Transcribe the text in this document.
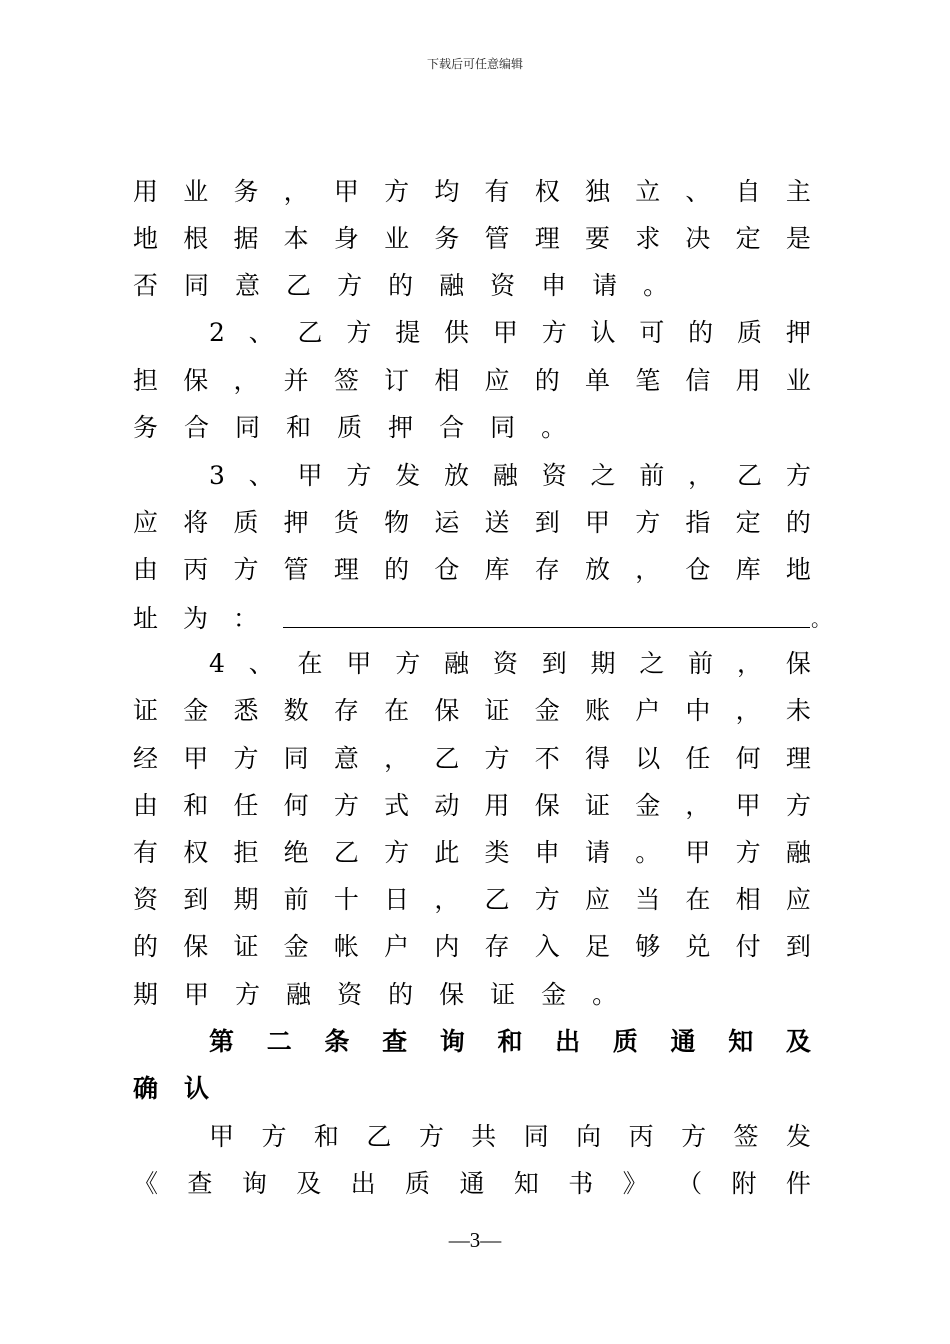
下载后可任意编辑
用 业 务 ， 甲 方 均 有 权 独 立 、 自 主
地 根 据 本 身 业 务 管 理 要 求 决 定 是
否 同 意 乙 方 的 融 资 申 请 。
2 、 乙 方 提 供 甲 方 认 可 的 质 押
担 保 ， 并 签 订 相 应 的 单 笔 信 用 业
务 合 同 和 质 押 合 同 。
3 、 甲 方 发 放 融 资 之 前 ， 乙 方
应 将 质 押 货 物 运 送 到 甲 方 指 定 的
由 丙 方 管 理 的 仓 库 存 放 ， 仓 库 地
4 、 在 甲 方 融 资 到 期 之 前 ， 保
证 金 悉 数 存 在 保 证 金 账 户 中 ， 未
经 甲 方 同 意 ， 乙 方 不 得 以 任 何 理
由 和 任 何 方 式 动 用 保 证 金 ， 甲 方
有 权 拒 绝 乙 方 此 类 申 请 。 甲 方 融
资 到 期 前 十 日 ， 乙 方 应 当 在 相 应
的 保 证 金 帐 户 内 存 入 足 够 兑 付 到
期 甲 方 融 资 的 保 证 金 。
第 二 条 查 询 和 出 质 通 知 及
确 认
甲 方 和 乙 方 共 同 向 丙 方 签 发
《 查 询 及 出 质 通 知 书 》 （ 附 件
址 为 ：	。
—3—
